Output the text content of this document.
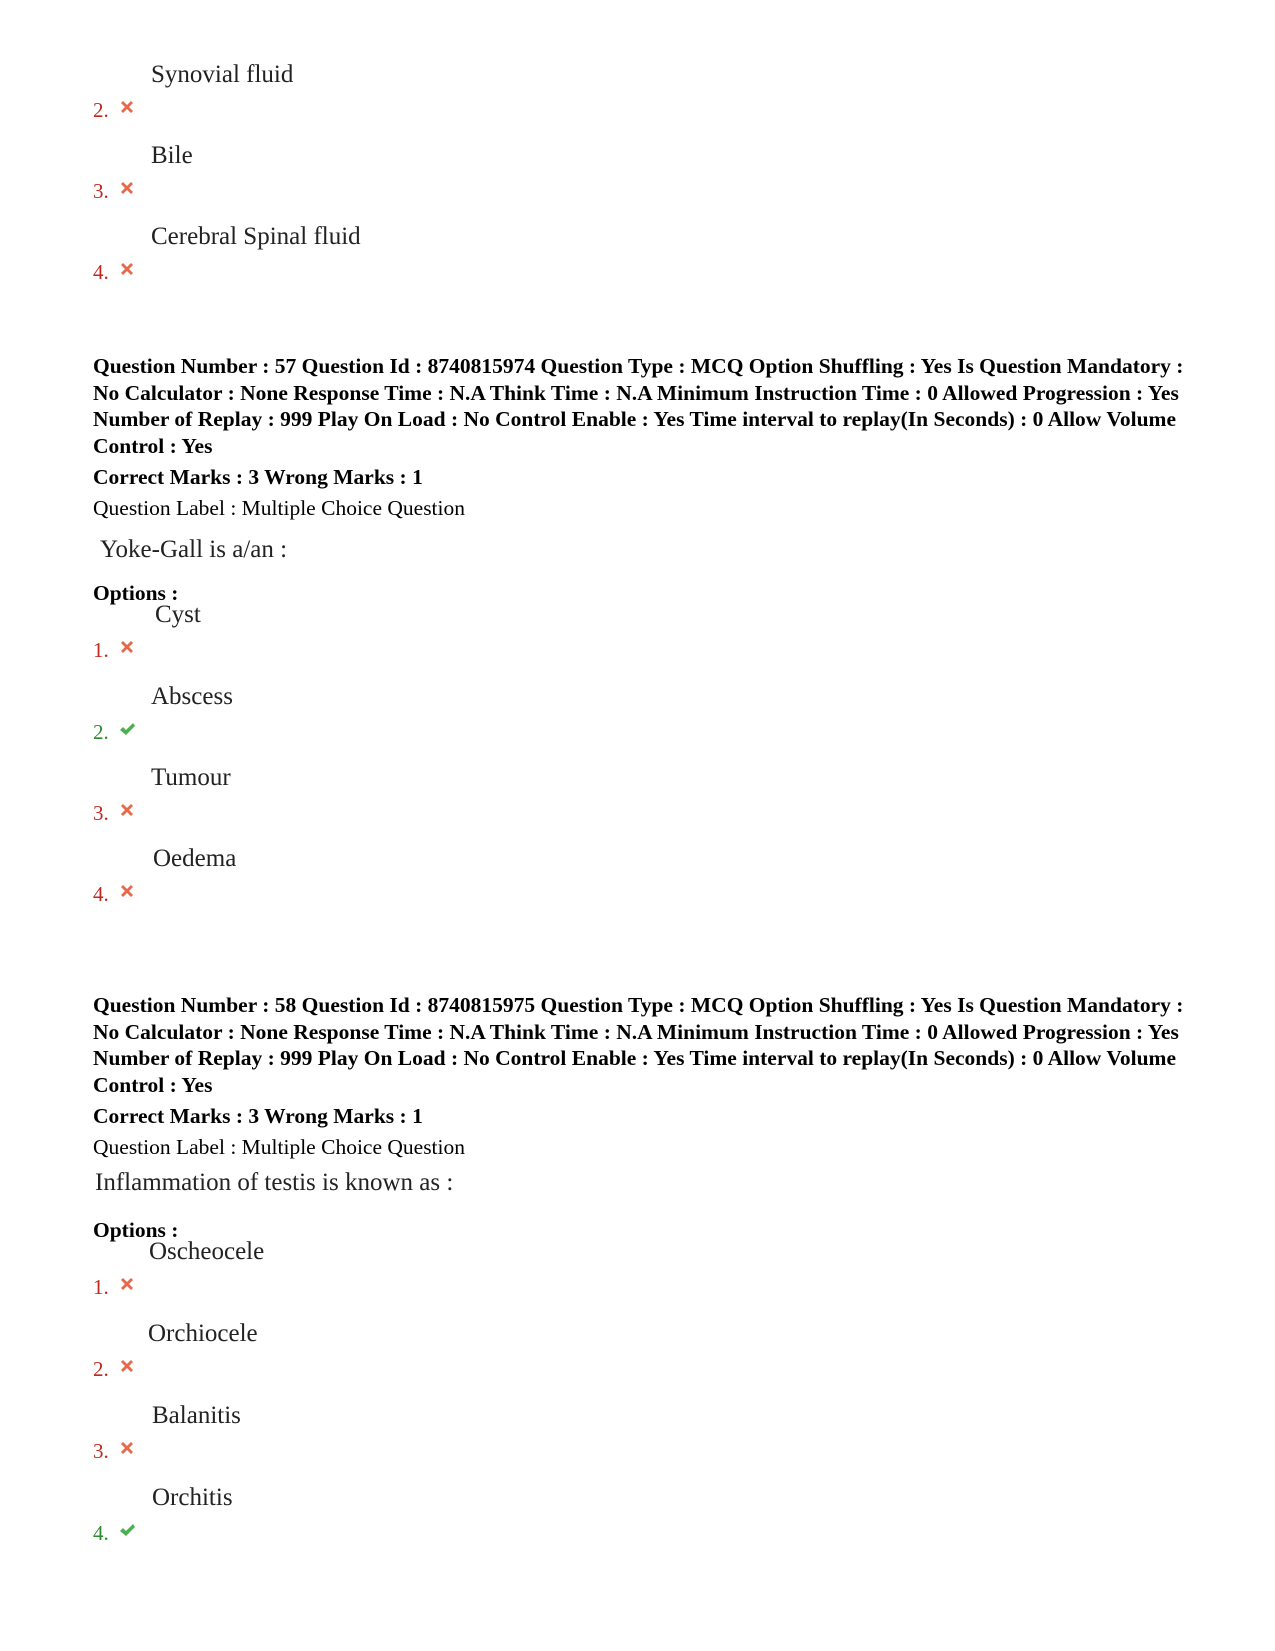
2.
Synovial fluid
3.
Bile
4.
Cerebral Spinal fluid
Question Number : 57 Question Id : 8740815974 Question Type : MCQ Option Shuffling : Yes Is Question Mandatory : No Calculator : None Response Time : N.A Think Time : N.A Minimum Instruction Time : 0 Allowed Progression : Yes Number of Replay : 999 Play On Load : No Control Enable : Yes Time interval to replay(In Seconds) : 0 Allow Volume Control : Yes
Correct Marks : 3 Wrong Marks : 1
Question Label : Multiple Choice Question
Yoke-Gall is a/an :
Options :
1.
Cyst
2.
Abscess
3.
Tumour
4.
Oedema
Question Number : 58 Question Id : 8740815975 Question Type : MCQ Option Shuffling : Yes Is Question Mandatory : No Calculator : None Response Time : N.A Think Time : N.A Minimum Instruction Time : 0 Allowed Progression : Yes Number of Replay : 999 Play On Load : No Control Enable : Yes Time interval to replay(In Seconds) : 0 Allow Volume Control : Yes
Correct Marks : 3 Wrong Marks : 1
Question Label : Multiple Choice Question
Inflammation of testis is known as :
Options :
1.
Oscheocele
2.
Orchiocele
3.
Balanitis
4.
Orchitis
